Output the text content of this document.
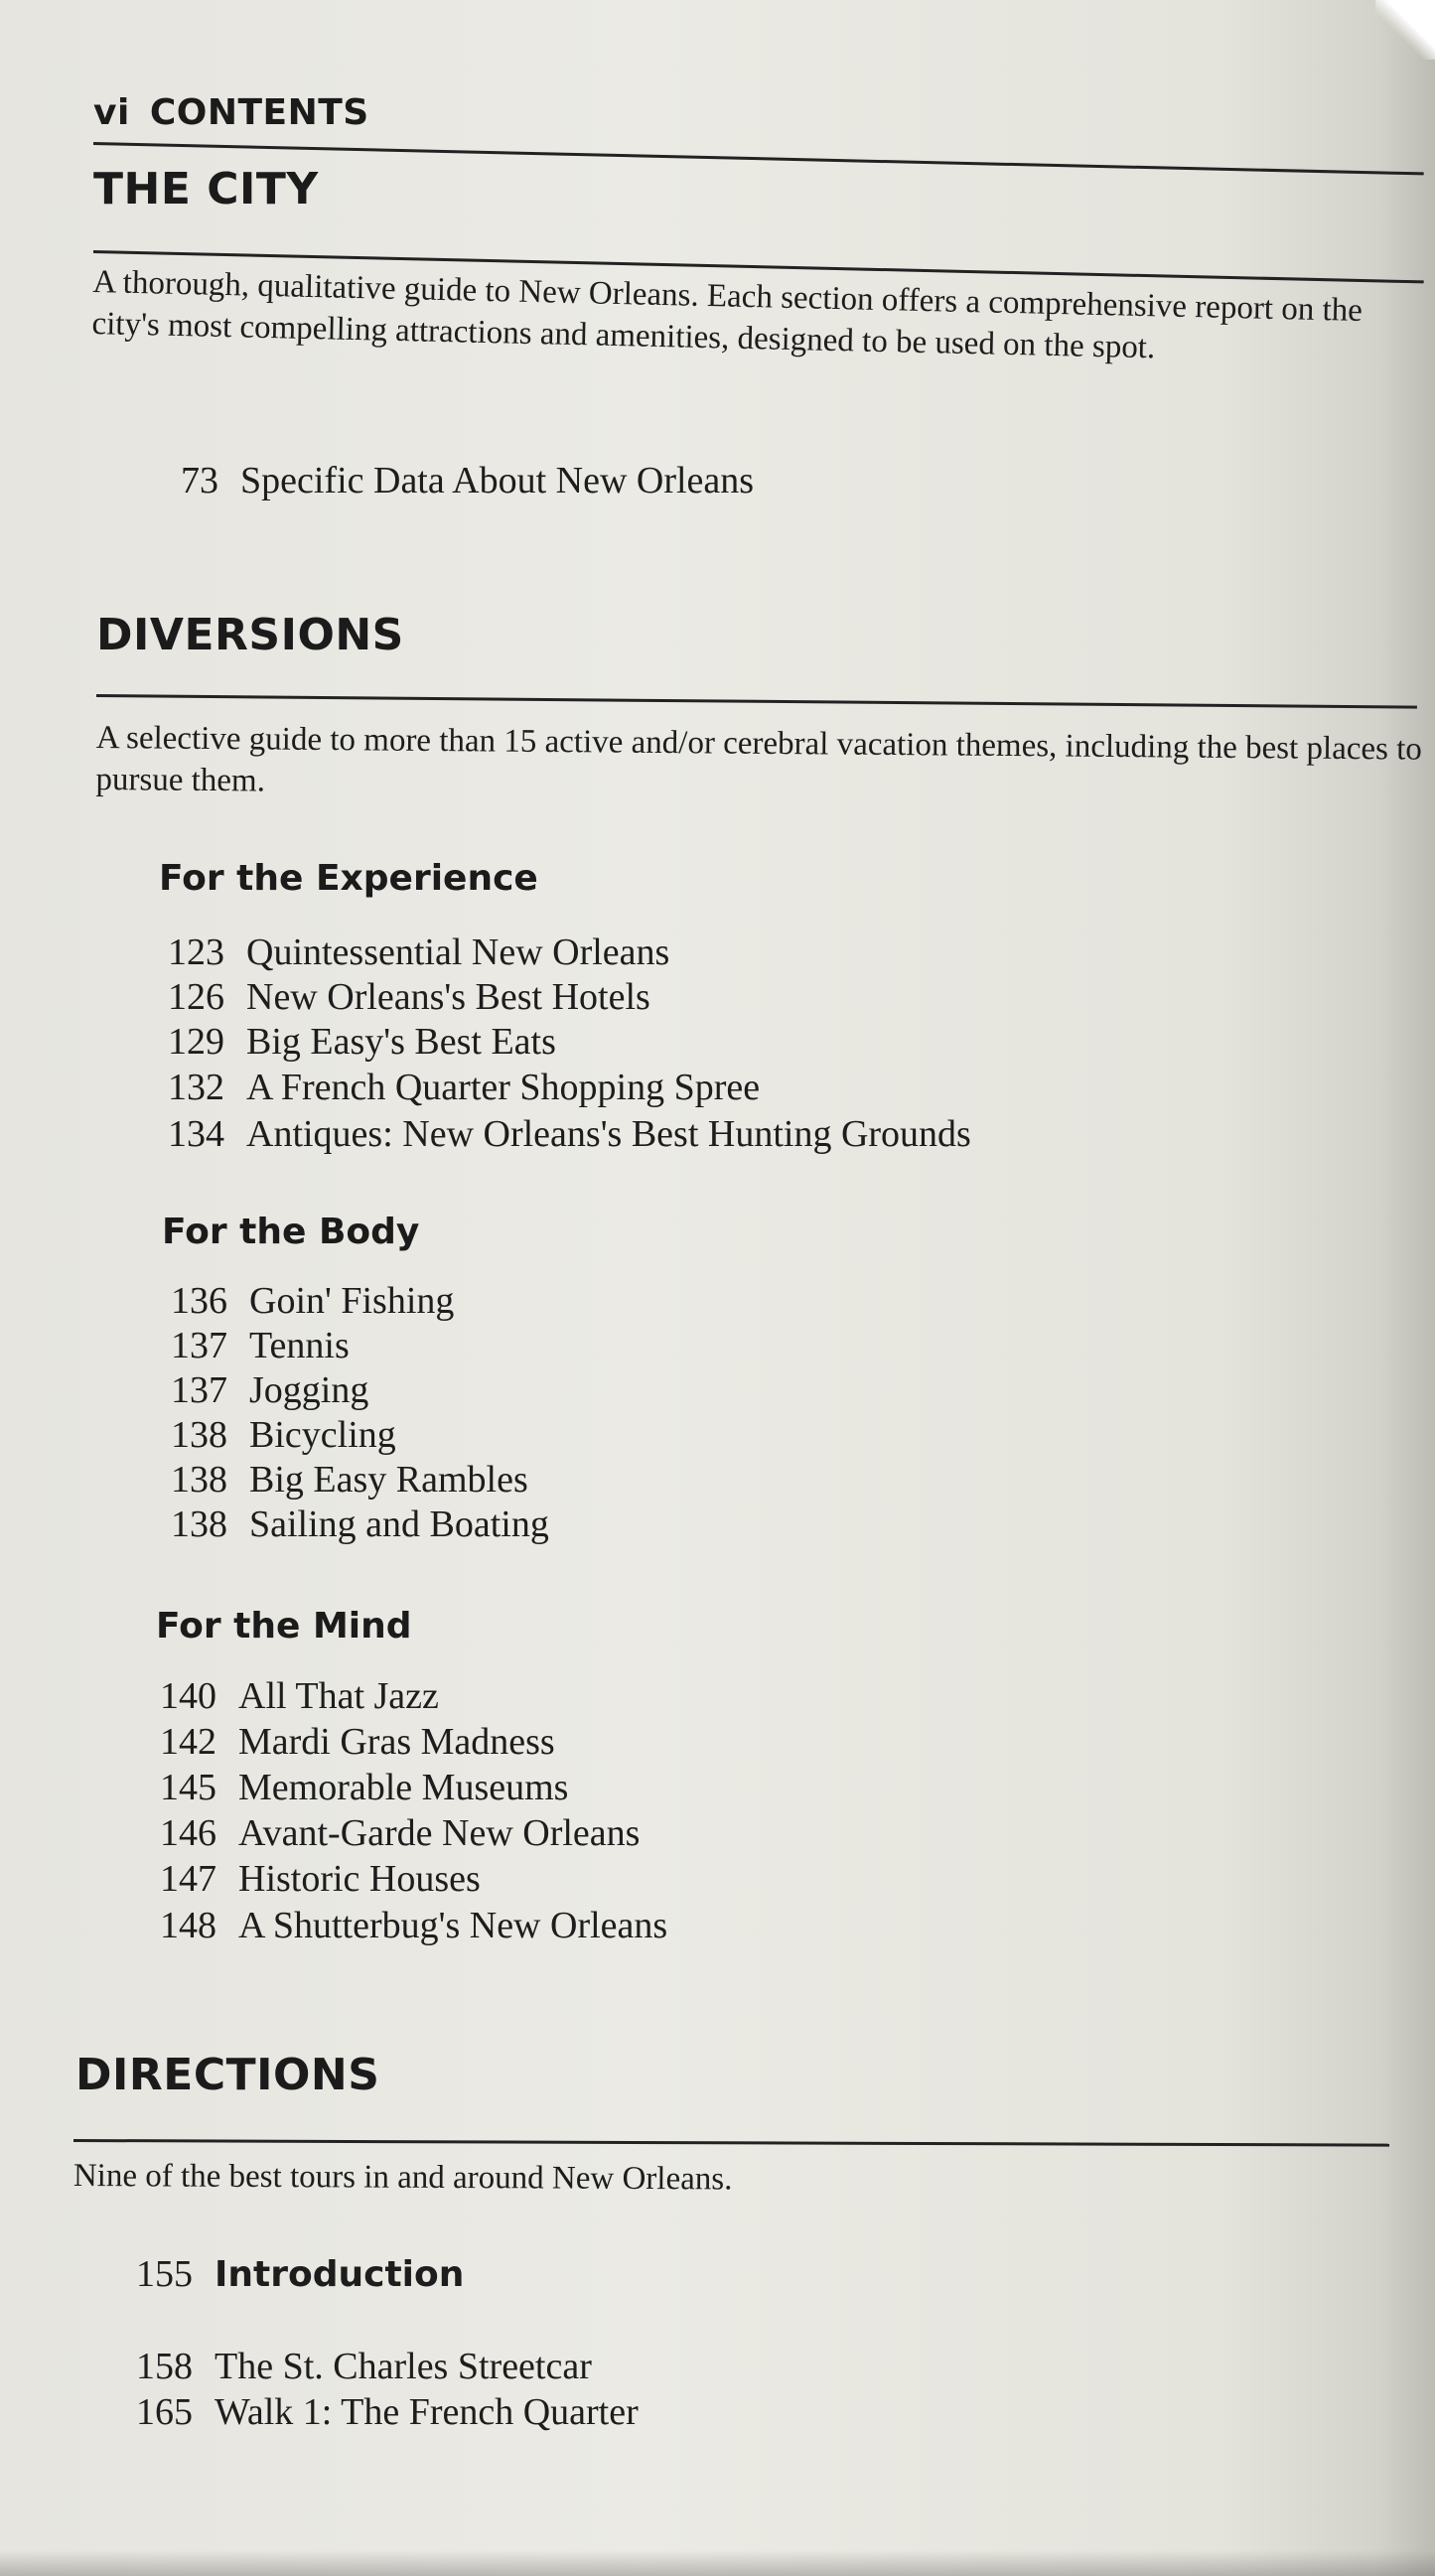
vi CONTENTS
THE CITY
A thorough, qualitative guide to New Orleans. Each section offers a comprehensive report on the city's most compelling attractions and amenities, designed to be used on the spot.
73 Specific Data About New Orleans
DIVERSIONS
A selective guide to more than 15 active and/or cerebral vacation themes, including the best places to pursue them.
For the Experience
123 Quintessential New Orleans
126 New Orleans's Best Hotels
129 Big Easy's Best Eats
132 A French Quarter Shopping Spree
134 Antiques: New Orleans's Best Hunting Grounds
For the Body
136 Goin' Fishing
137 Tennis
137 Jogging
138 Bicycling
138 Big Easy Rambles
138 Sailing and Boating
For the Mind
140 All That Jazz
142 Mardi Gras Madness
145 Memorable Museums
146 Avant-Garde New Orleans
147 Historic Houses
148 A Shutterbug's New Orleans
DIRECTIONS
Nine of the best tours in and around New Orleans.
155 Introduction
158 The St. Charles Streetcar
165 Walk 1: The French Quarter
